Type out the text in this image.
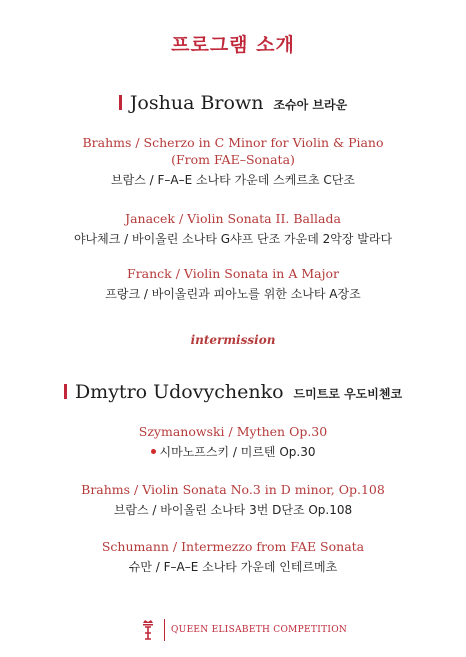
프로그램 소개
Joshua Brown 조슈아 브라운
Brahms / Scherzo in C Minor for Violin & Piano
(From FAE–Sonata)
브람스 / F–A–E 소나타 가운데 스케르초 C단조
Janacek / Violin Sonata II. Ballada
야나체크 / 바이올린 소나타 G샤프 단조 가운데 2악장 발라다
Franck / Violin Sonata in A Major
프랑크 / 바이올린과 피아노를 위한 소나타 A장조
intermission
Dmytro Udovychenko 드미트로 우도비첸코
Szymanowski / Mythen Op.30
시마노프스키 / 미르텐 Op.30
Brahms / Violin Sonata No.3 in D minor, Op.108
브람스 / 바이올린 소나타 3번 D단조 Op.108
Schumann / Intermezzo from FAE Sonata
슈만 / F–A–E 소나타 가운데 인테르메초
QUEEN ELISABETH COMPETITION
